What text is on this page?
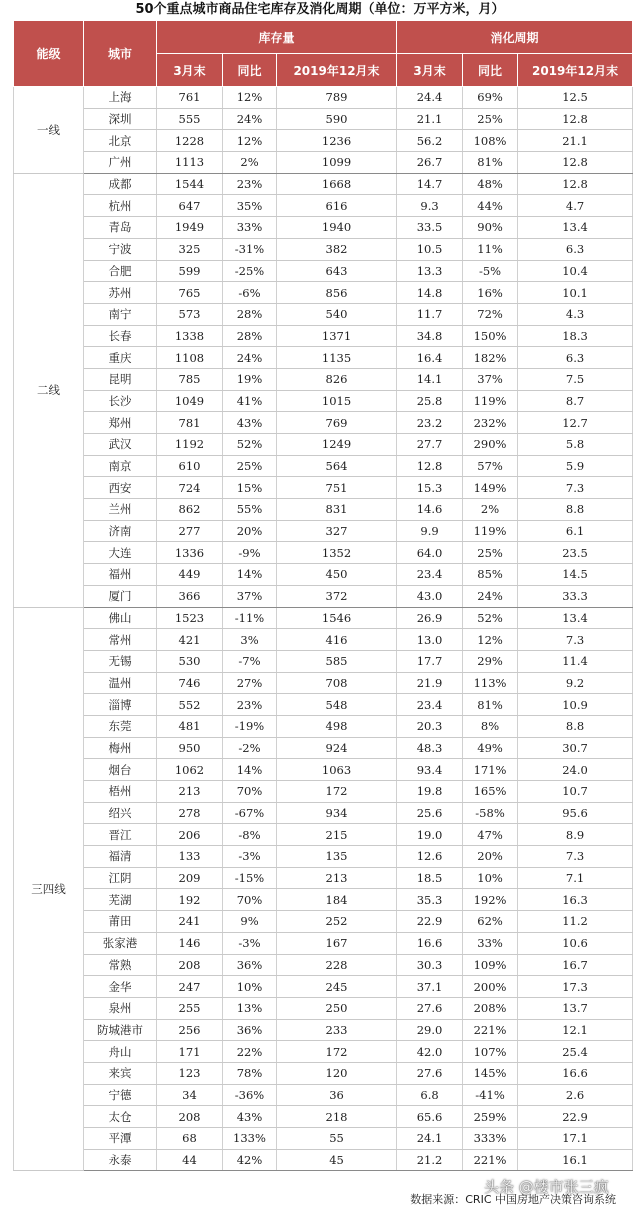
50个重点城市商品住宅库存及消化周期（单位：万平方米，月）
能级	城市	库存量			消化周期		
		3月末	同比	2019年12月末	3月末	同比	2019年12月末
一线	上海	761	12%	789	24.4	69%	12.5
	深圳	555	24%	590	21.1	25%	12.8
	北京	1228	12%	1236	56.2	108%	21.1
	广州	1113	2%	1099	26.7	81%	12.8
二线	成都	1544	23%	1668	14.7	48%	12.8
	杭州	647	35%	616	9.3	44%	4.7
	青岛	1949	33%	1940	33.5	90%	13.4
	宁波	325	-31%	382	10.5	11%	6.3
	合肥	599	-25%	643	13.3	-5%	10.4
	苏州	765	-6%	856	14.8	16%	10.1
	南宁	573	28%	540	11.7	72%	4.3
	长春	1338	28%	1371	34.8	150%	18.3
	重庆	1108	24%	1135	16.4	182%	6.3
	昆明	785	19%	826	14.1	37%	7.5
	长沙	1049	41%	1015	25.8	119%	8.7
	郑州	781	43%	769	23.2	232%	12.7
	武汉	1192	52%	1249	27.7	290%	5.8
	南京	610	25%	564	12.8	57%	5.9
	西安	724	15%	751	15.3	149%	7.3
	兰州	862	55%	831	14.6	2%	8.8
	济南	277	20%	327	9.9	119%	6.1
	大连	1336	-9%	1352	64.0	25%	23.5
	福州	449	14%	450	23.4	85%	14.5
	厦门	366	37%	372	43.0	24%	33.3
三四线	佛山	1523	-11%	1546	26.9	52%	13.4
	常州	421	3%	416	13.0	12%	7.3
	无锡	530	-7%	585	17.7	29%	11.4
	温州	746	27%	708	21.9	113%	9.2
	淄博	552	23%	548	23.4	81%	10.9
	东莞	481	-19%	498	20.3	8%	8.8
	梅州	950	-2%	924	48.3	49%	30.7
	烟台	1062	14%	1063	93.4	171%	24.0
	梧州	213	70%	172	19.8	165%	10.7
	绍兴	278	-67%	934	25.6	-58%	95.6
	晋江	206	-8%	215	19.0	47%	8.9
	福清	133	-3%	135	12.6	20%	7.3
	江阴	209	-15%	213	18.5	10%	7.1
	芜湖	192	70%	184	35.3	192%	16.3
	莆田	241	9%	252	22.9	62%	11.2
	张家港	146	-3%	167	16.6	33%	10.6
	常熟	208	36%	228	30.3	109%	16.7
	金华	247	10%	245	37.1	200%	17.3
	泉州	255	13%	250	27.6	208%	13.7
	防城港市	256	36%	233	29.0	221%	12.1
	舟山	171	22%	172	42.0	107%	25.4
	来宾	123	78%	120	27.6	145%	16.6
	宁德	34	-36%	36	6.8	-41%	2.6
	太仓	208	43%	218	65.6	259%	22.9
	平潭	68	133%	55	24.1	333%	17.1
	永泰	44	42%	45	21.2	221%	16.1
数据来源：CRIC 中国房地产决策咨询系统
头条 @楼市张三疯
